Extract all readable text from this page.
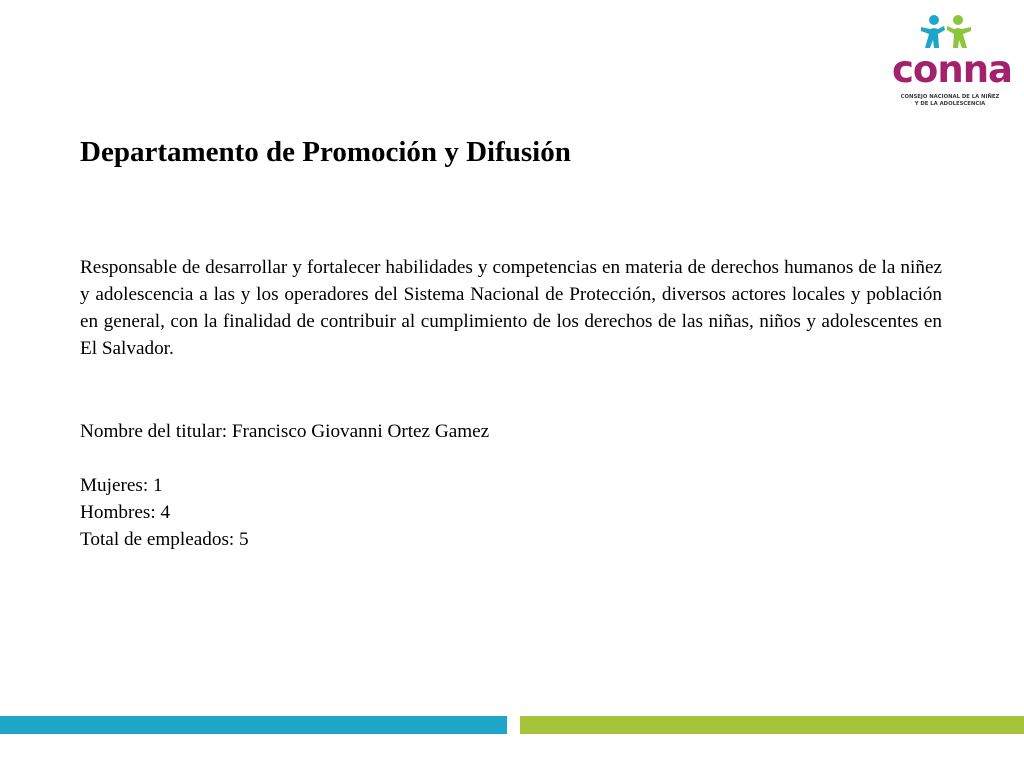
conna
CONSEJO NACIONAL DE LA NIÑEZ
Y DE LA ADOLESCENCIA
Departamento de Promoción y Difusión

Responsable de desarrollar y fortalecer habilidades y competencias en materia de derechos humanos de la niñez y adolescencia a las y los operadores del Sistema Nacional de Protección, diversos actores locales y población en general, con la finalidad de contribuir al cumplimiento de los derechos de las niñas, niños y adolescentes en El Salvador.

Nombre del titular: Francisco Giovanni Ortez Gamez

Mujeres: 1

Hombres: 4

Total de empleados: 5
